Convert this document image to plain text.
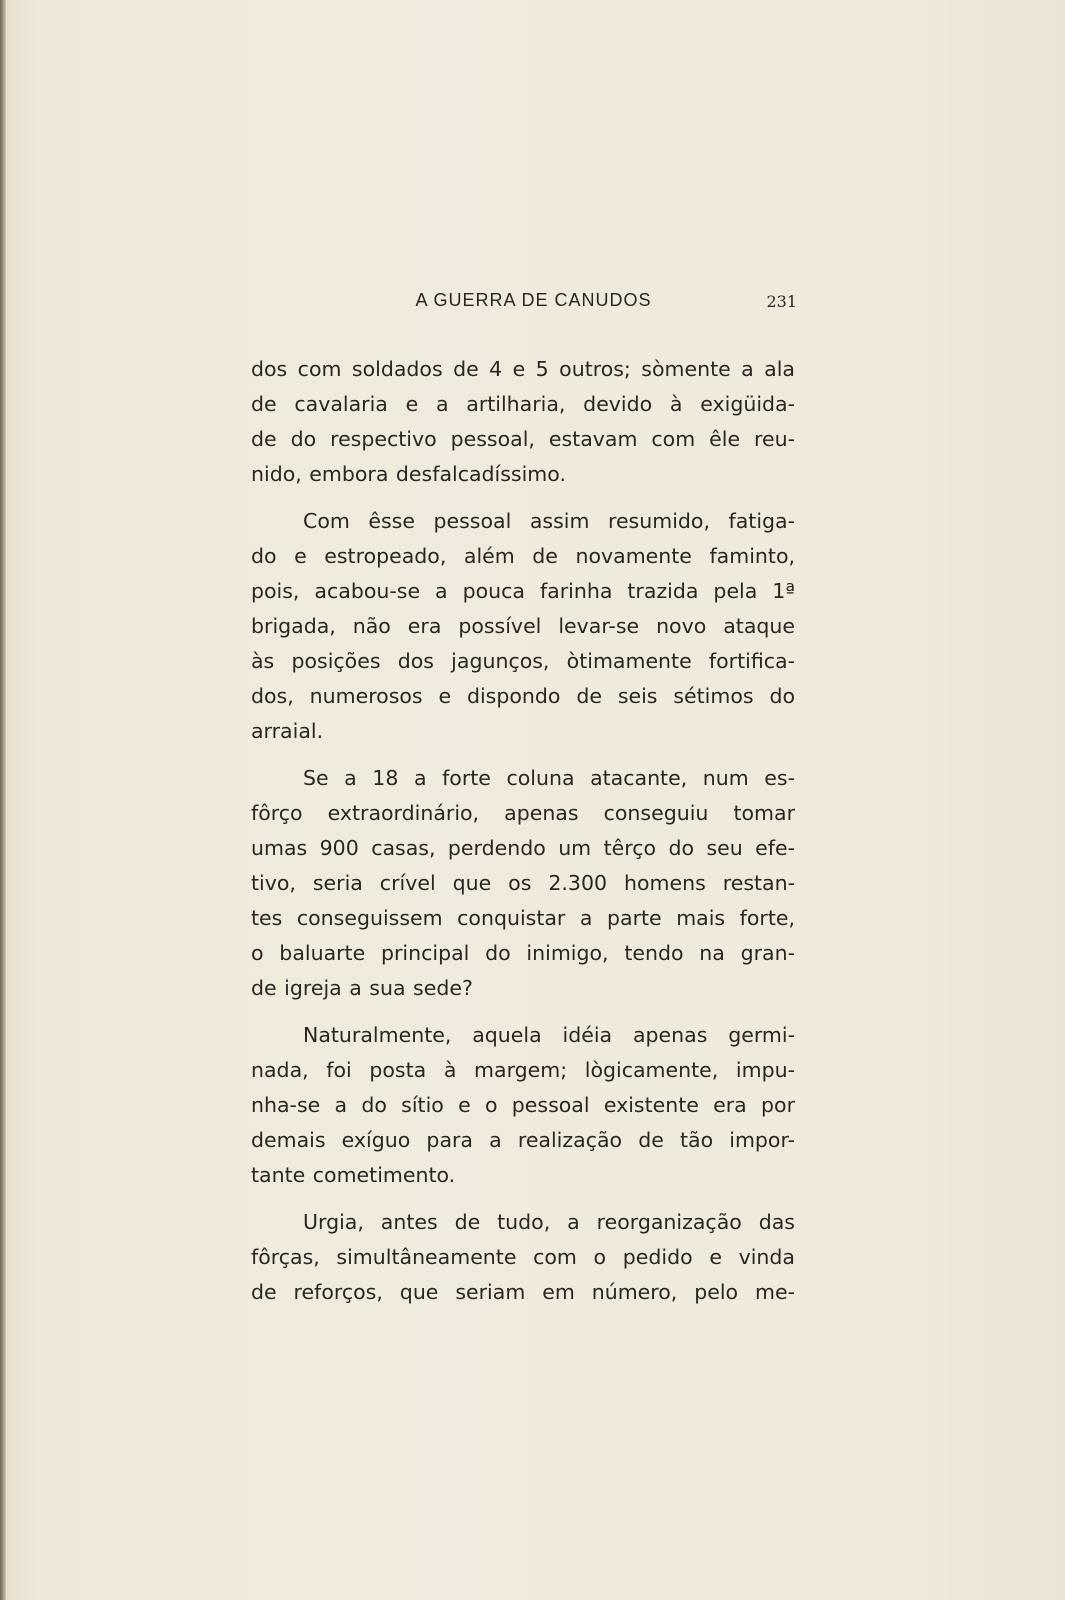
A GUERRA DE CANUDOS	231
dos com soldados de 4 e 5 outros; sòmente a ala
de cavalaria e a artilharia, devido à exigüida-
de do respectivo pessoal, estavam com êle reu-
nido, embora desfalcadíssimo.
Com êsse pessoal assim resumido, fatiga-
do e estropeado, além de novamente faminto,
pois, acabou-se a pouca farinha trazida pela 1ª
brigada, não era possível levar-se novo ataque
às posições dos jagunços, òtimamente fortifica-
dos, numerosos e dispondo de seis sétimos do
arraial.
Se a 18 a forte coluna atacante, num es-
fôrço extraordinário, apenas conseguiu tomar
umas 900 casas, perdendo um têrço do seu efe-
tivo, seria crível que os 2.300 homens restan-
tes conseguissem conquistar a parte mais forte,
o baluarte principal do inimigo, tendo na gran-
de igreja a sua sede?
Naturalmente, aquela idéia apenas germi-
nada, foi posta à margem; lògicamente, impu-
nha-se a do sítio e o pessoal existente era por
demais exíguo para a realização de tão impor-
tante cometimento.
Urgia, antes de tudo, a reorganização das
fôrças, simultâneamente com o pedido e vinda
de reforços, que seriam em número, pelo me-
